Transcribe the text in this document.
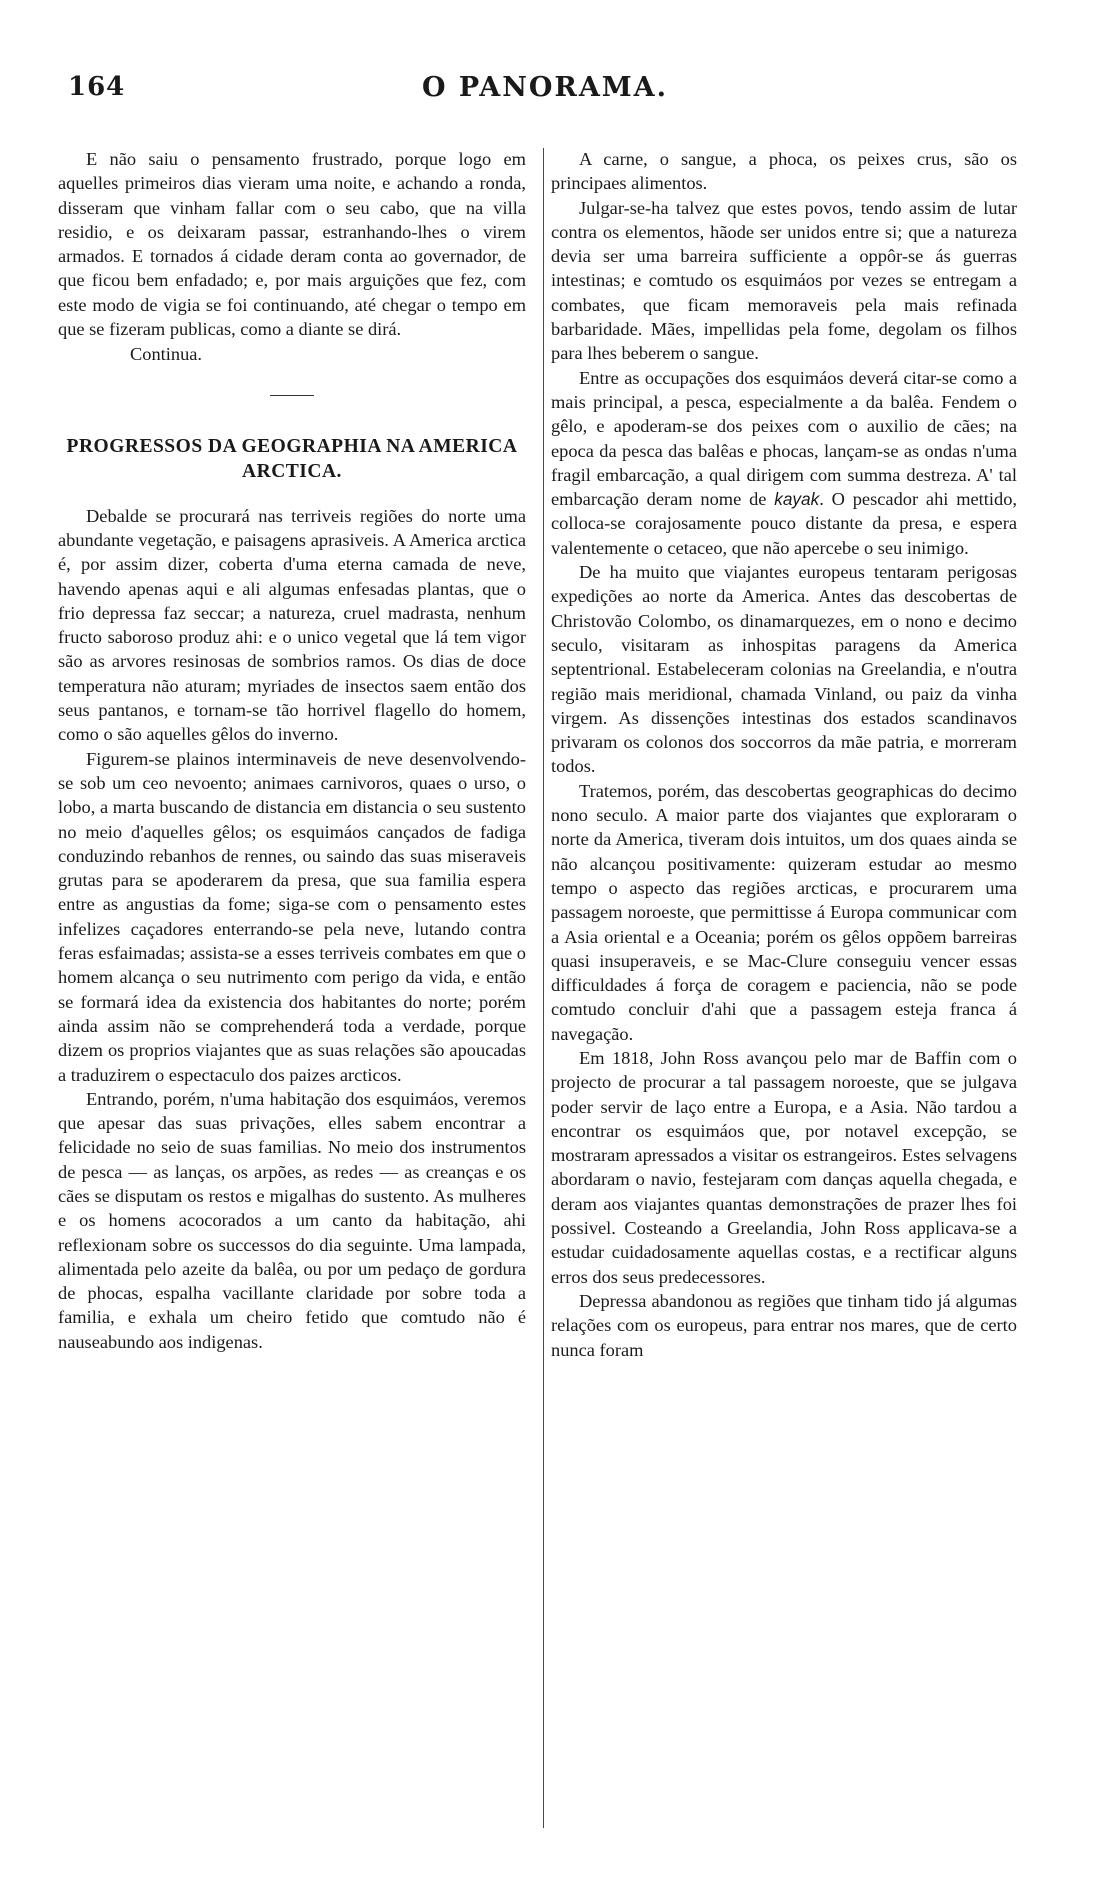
O PANORAMA.
164

E não saiu o pensamento frustrado, porque logo em aquelles primeiros dias vieram uma noite, e achando a ronda, disseram que vinham fallar com o seu cabo, que na villa residio, e os deixaram passar, estranhando-lhes o virem armados. E tornados á cidade deram conta ao governador, de que ficou bem enfadado; e, por mais arguições que fez, com este modo de vigia se foi continuando, até chegar o tempo em que se fizeram publicas, como a diante se dirá.

Continua.

PROGRESSOS DA GEOGRAPHIA NA AMERICA ARCTICA.

Debalde se procurará nas terriveis regiões do norte uma abundante vegetação, e paisagens aprasiveis. A America arctica é, por assim dizer, coberta d'uma eterna camada de neve, havendo apenas aqui e ali algumas enfesadas plantas, que o frio depressa faz seccar; a natureza, cruel madrasta, nenhum fructo saboroso produz ahi: e o unico vegetal que lá tem vigor são as arvores resinosas de sombrios ramos. Os dias de doce temperatura não aturam; myriades de insectos saem então dos seus pantanos, e tornam-se tão horrivel flagello do homem, como o são aquelles gêlos do inverno.

Figurem-se plainos interminaveis de neve desenvolvendo-se sob um ceo nevoento; animaes carnivoros, quaes o urso, o lobo, a marta buscando de distancia em distancia o seu sustento no meio d'aquelles gêlos; os esquimáos cançados de fadiga conduzindo rebanhos de rennes, ou saindo das suas miseraveis grutas para se apoderarem da presa, que sua familia espera entre as angustias da fome; siga-se com o pensamento estes infelizes caçadores enterrando-se pela neve, lutando contra feras esfaimadas; assista-se a esses terriveis combates em que o homem alcança o seu nutrimento com perigo da vida, e então se formará idea da existencia dos habitantes do norte; porém ainda assim não se comprehenderá toda a verdade, porque dizem os proprios viajantes que as suas relações são apoucadas a traduzirem o espectaculo dos paizes arcticos.

Entrando, porém, n'uma habitação dos esquimáos, veremos que apesar das suas privações, elles sabem encontrar a felicidade no seio de suas familias. No meio dos instrumentos de pesca — as lanças, os arpões, as redes — as creanças e os cães se disputam os restos e migalhas do sustento. As mulheres e os homens acocorados a um canto da habitação, ahi reflexionam sobre os successos do dia seguinte. Uma lampada, alimentada pelo azeite da balêa, ou por um pedaço de gordura de phocas, espalha vacillante claridade por sobre toda a familia, e exhala um cheiro fetido que comtudo não é nauseabundo aos indigenas.

A carne, o sangue, a phoca, os peixes crus, são os principaes alimentos.

Julgar-se-ha talvez que estes povos, tendo assim de lutar contra os elementos, hãode ser unidos entre si; que a natureza devia ser uma barreira sufficiente a oppôr-se ás guerras intestinas; e comtudo os esquimáos por vezes se entregam a combates, que ficam memoraveis pela mais refinada barbaridade. Mães, impellidas pela fome, degolam os filhos para lhes beberem o sangue.

Entre as occupações dos esquimáos deverá citar-se como a mais principal, a pesca, especialmente a da balêa. Fendem o gêlo, e apoderam-se dos peixes com o auxilio de cães; na epoca da pesca das balêas e phocas, lançam-se as ondas n'uma fragil embarcação, a qual dirigem com summa destreza. A' tal embarcação deram nome de kayak. O pescador ahi mettido, colloca-se corajosamente pouco distante da presa, e espera valentemente o cetaceo, que não apercebe o seu inimigo.

De ha muito que viajantes europeus tentaram perigosas expedições ao norte da America. Antes das descobertas de Christovão Colombo, os dinamarquezes, em o nono e decimo seculo, visitaram as inhospitas paragens da America septentrional. Estabeleceram colonias na Greelandia, e n'outra região mais meridional, chamada Vinland, ou paiz da vinha virgem. As dissenções intestinas dos estados scandinavos privaram os colonos dos soccorros da mãe patria, e morreram todos.

Tratemos, porém, das descobertas geographicas do decimo nono seculo. A maior parte dos viajantes que exploraram o norte da America, tiveram dois intuitos, um dos quaes ainda se não alcançou positivamente: quizeram estudar ao mesmo tempo o aspecto das regiões arcticas, e procurarem uma passagem noroeste, que permittisse á Europa communicar com a Asia oriental e a Oceania; porém os gêlos oppõem barreiras quasi insuperaveis, e se Mac-Clure conseguiu vencer essas difficuldades á força de coragem e paciencia, não se pode comtudo concluir d'ahi que a passagem esteja franca á navegação.

Em 1818, John Ross avançou pelo mar de Baffin com o projecto de procurar a tal passagem noroeste, que se julgava poder servir de laço entre a Europa, e a Asia. Não tardou a encontrar os esquimáos que, por notavel excepção, se mostraram apressados a visitar os estrangeiros. Estes selvagens abordaram o navio, festejaram com danças aquella chegada, e deram aos viajantes quantas demonstrações de prazer lhes foi possivel. Costeando a Greelandia, John Ross applicava-se a estudar cuidadosamente aquellas costas, e a rectificar alguns erros dos seus predecessores.

Depressa abandonou as regiões que tinham tido já algumas relações com os europeus, para entrar nos mares, que de certo nunca foram
